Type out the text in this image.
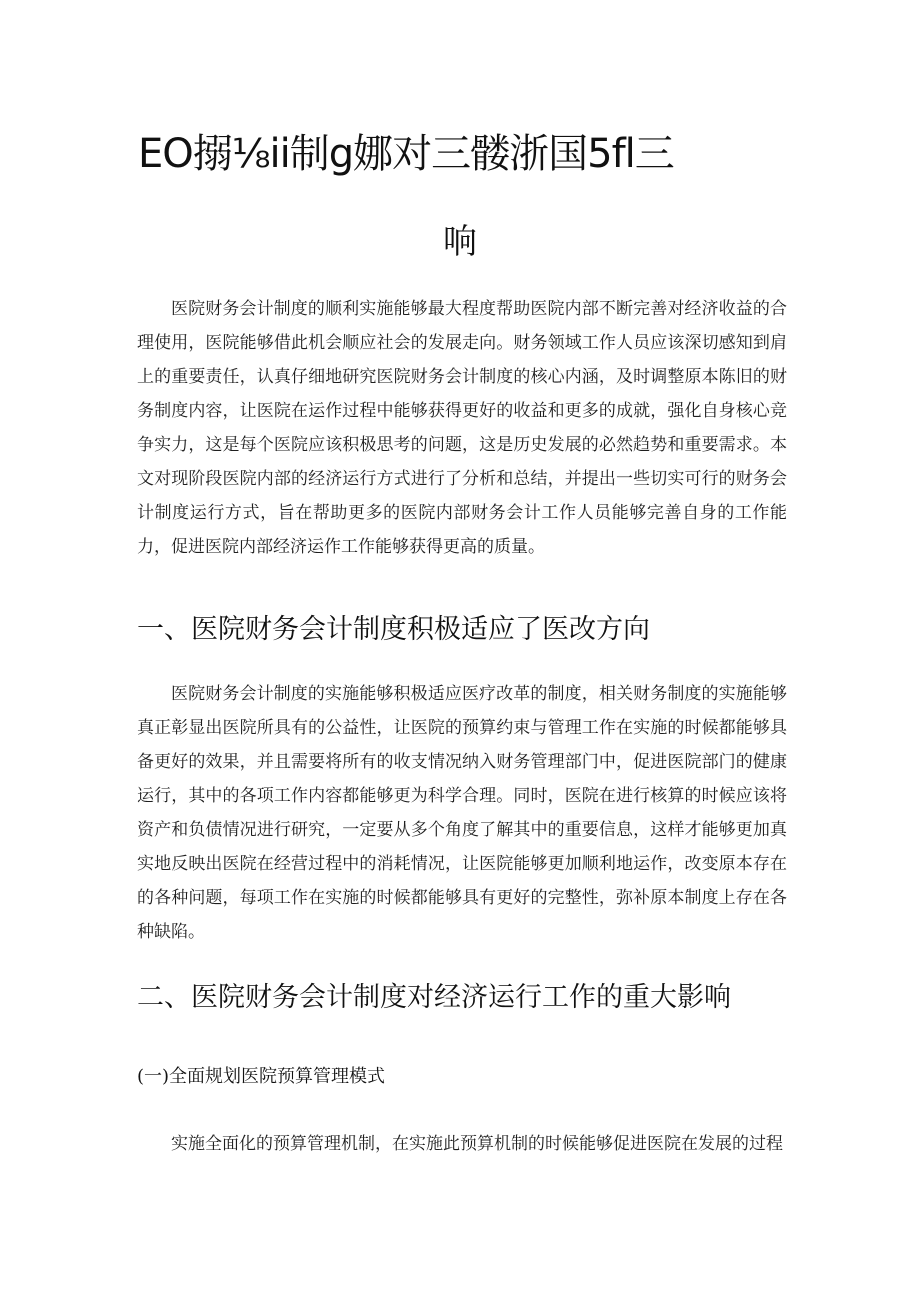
EO搦⅛ii制g娜对三髅浙国5fl三
响

医院财务会计制度的顺利实施能够最大程度帮助医院内部不断完善对经济收益的合理使用，医院能够借此机会顺应社会的发展走向。财务领域工作人员应该深切感知到肩上的重要责任，认真仔细地研究医院财务会计制度的核心内涵，及时调整原本陈旧的财务制度内容，让医院在运作过程中能够获得更好的收益和更多的成就，强化自身核心竞争实力，这是每个医院应该积极思考的问题，这是历史发展的必然趋势和重要需求。本文对现阶段医院内部的经济运行方式进行了分析和总结，并提出一些切实可行的财务会计制度运行方式，旨在帮助更多的医院内部财务会计工作人员能够完善自身的工作能力，促进医院内部经济运作工作能够获得更高的质量。

一、医院财务会计制度积极适应了医改方向

医院财务会计制度的实施能够积极适应医疗改革的制度，相关财务制度的实施能够真正彰显出医院所具有的公益性，让医院的预算约束与管理工作在实施的时候都能够具备更好的效果，并且需要将所有的收支情况纳入财务管理部门中，促进医院部门的健康运行，其中的各项工作内容都能够更为科学合理。同时，医院在进行核算的时候应该将资产和负债情况进行研究，一定要从多个角度了解其中的重要信息，这样才能够更加真实地反映出医院在经营过程中的消耗情况，让医院能够更加顺利地运作，改变原本存在的各种问题，每项工作在实施的时候都能够具有更好的完整性，弥补原本制度上存在各种缺陷。

二、医院财务会计制度对经济运行工作的重大影响
(一)全面规划医院预算管理模式

实施全面化的预算管理机制，在实施此预算机制的时候能够促进医院在发展的过程
